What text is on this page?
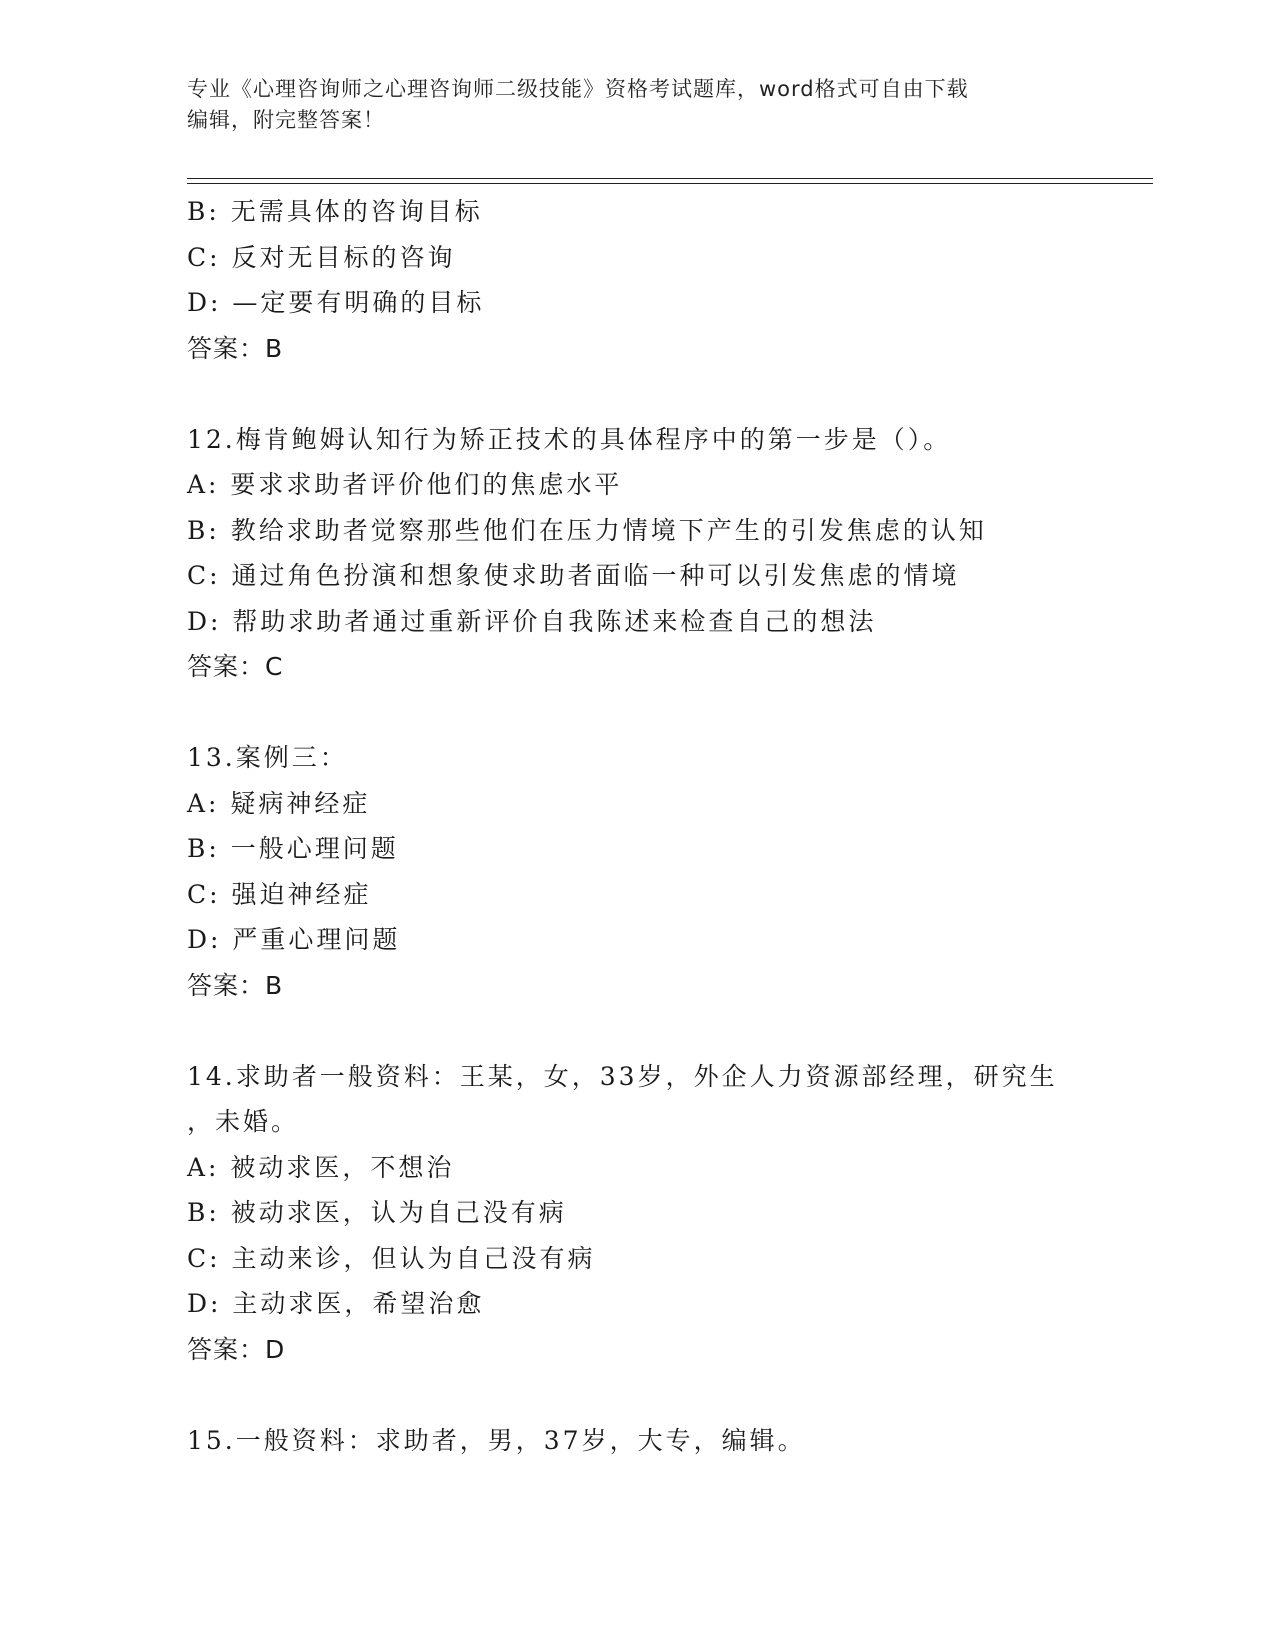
专业《心理咨询师之心理咨询师二级技能》资格考试题库，word格式可自由下载
编辑，附完整答案！
B: 无需具体的咨询目标
C: 反对无目标的咨询
D: —定要有明确的目标
答案：B
12.梅肯鲍姆认知行为矫正技术的具体程序中的第一步是（）。
A: 要求求助者评价他们的焦虑水平
B: 教给求助者觉察那些他们在压力情境下产生的引发焦虑的认知
C: 通过角色扮演和想象使求助者面临一种可以引发焦虑的情境
D: 帮助求助者通过重新评价自我陈述来检查自己的想法
答案：C
13.案例三：
A: 疑病神经症
B: 一般心理问题
C: 强迫神经症
D: 严重心理问题
答案：B
14.求助者一般资料：王某，女，33岁，外企人力资源部经理，研究生
，未婚。
A: 被动求医，不想治
B: 被动求医，认为自己没有病
C: 主动来诊，但认为自己没有病
D: 主动求医，希望治愈
答案：D
15.一般资料：求助者，男，37岁，大专，编辑。
